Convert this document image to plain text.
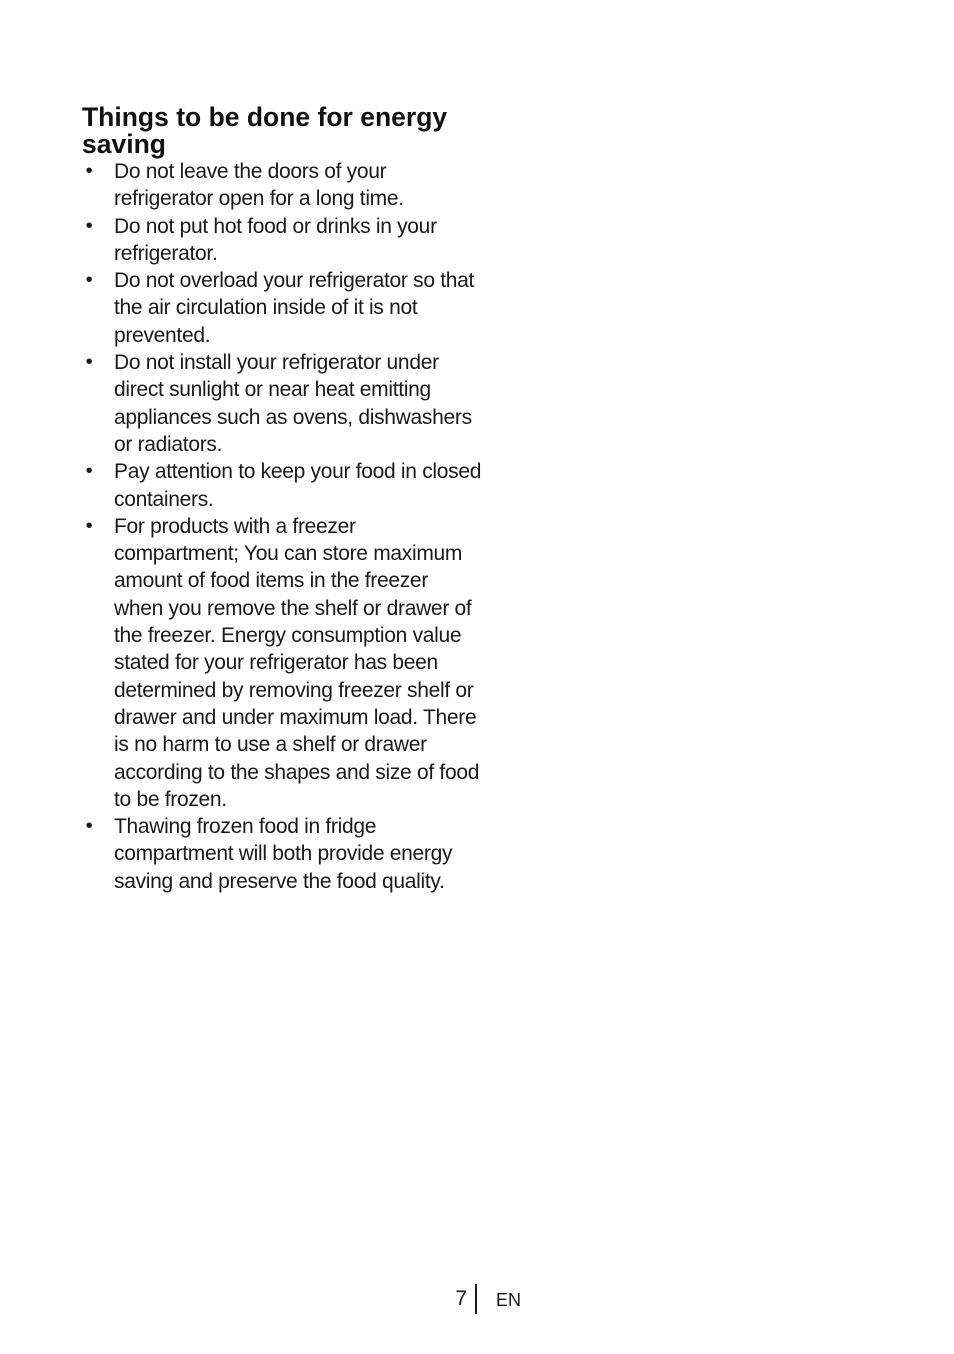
Things to be done for energy saving
• Do not leave the doors of your refrigerator open for a long time.
• Do not put hot food or drinks in your refrigerator.
• Do not overload your refrigerator so that the air circulation inside of it is not prevented.
• Do not install your refrigerator under direct sunlight or near heat emitting appliances such as ovens, dishwashers or radiators.
• Pay attention to keep your food in closed containers.
• For products with a freezer compartment; You can store maximum amount of food items in the freezer when you remove the shelf or drawer of the freezer. Energy consumption value stated for your refrigerator has been determined by removing freezer shelf or drawer and under maximum load. There is no harm to use a shelf or drawer according to the shapes and size of food to be frozen.
• Thawing frozen food in fridge compartment will both provide energy saving and preserve the food quality.
7 EN
